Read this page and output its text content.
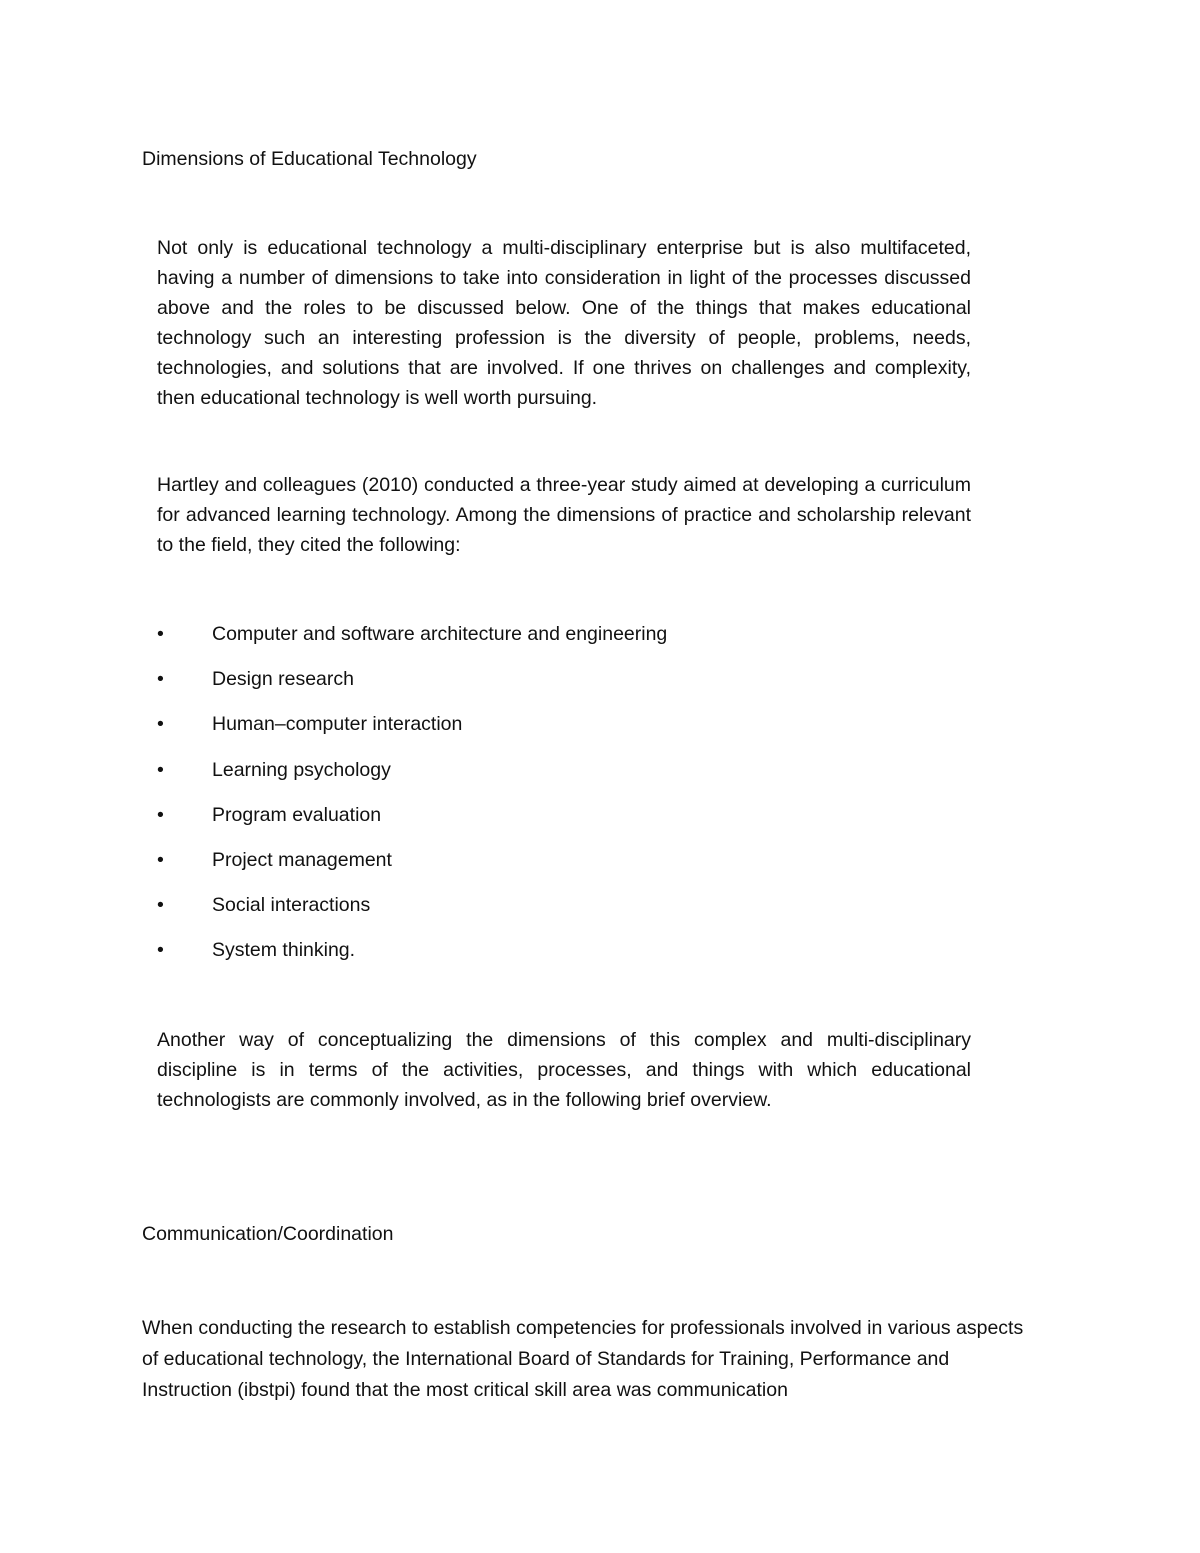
Dimensions of Educational Technology

Not only is educational technology a multi-disciplinary enterprise but is also multifaceted, having a number of dimensions to take into consideration in light of the processes discussed above and the roles to be discussed below. One of the things that makes educational technology such an interesting profession is the diversity of people, problems, needs, technologies, and solutions that are involved. If one thrives on challenges and complexity, then educational technology is well worth pursuing.

Hartley and colleagues (2010) conducted a three-year study aimed at developing a curriculum for advanced learning technology. Among the dimensions of practice and scholarship relevant to the field, they cited the following:

•	Computer and software architecture and engineering
•	Design research
•	Human–computer interaction
•	Learning psychology
•	Program evaluation
•	Project management
•	Social interactions
•	System thinking.

Another way of conceptualizing the dimensions of this complex and multi-disciplinary discipline is in terms of the activities, processes, and things with which educational technologists are commonly involved, as in the following brief overview.

Communication/Coordination

When conducting the research to establish competencies for professionals involved in various aspects of educational technology, the International Board of Standards for Training, Performance and Instruction (ibstpi) found that the most critical skill area was communication
